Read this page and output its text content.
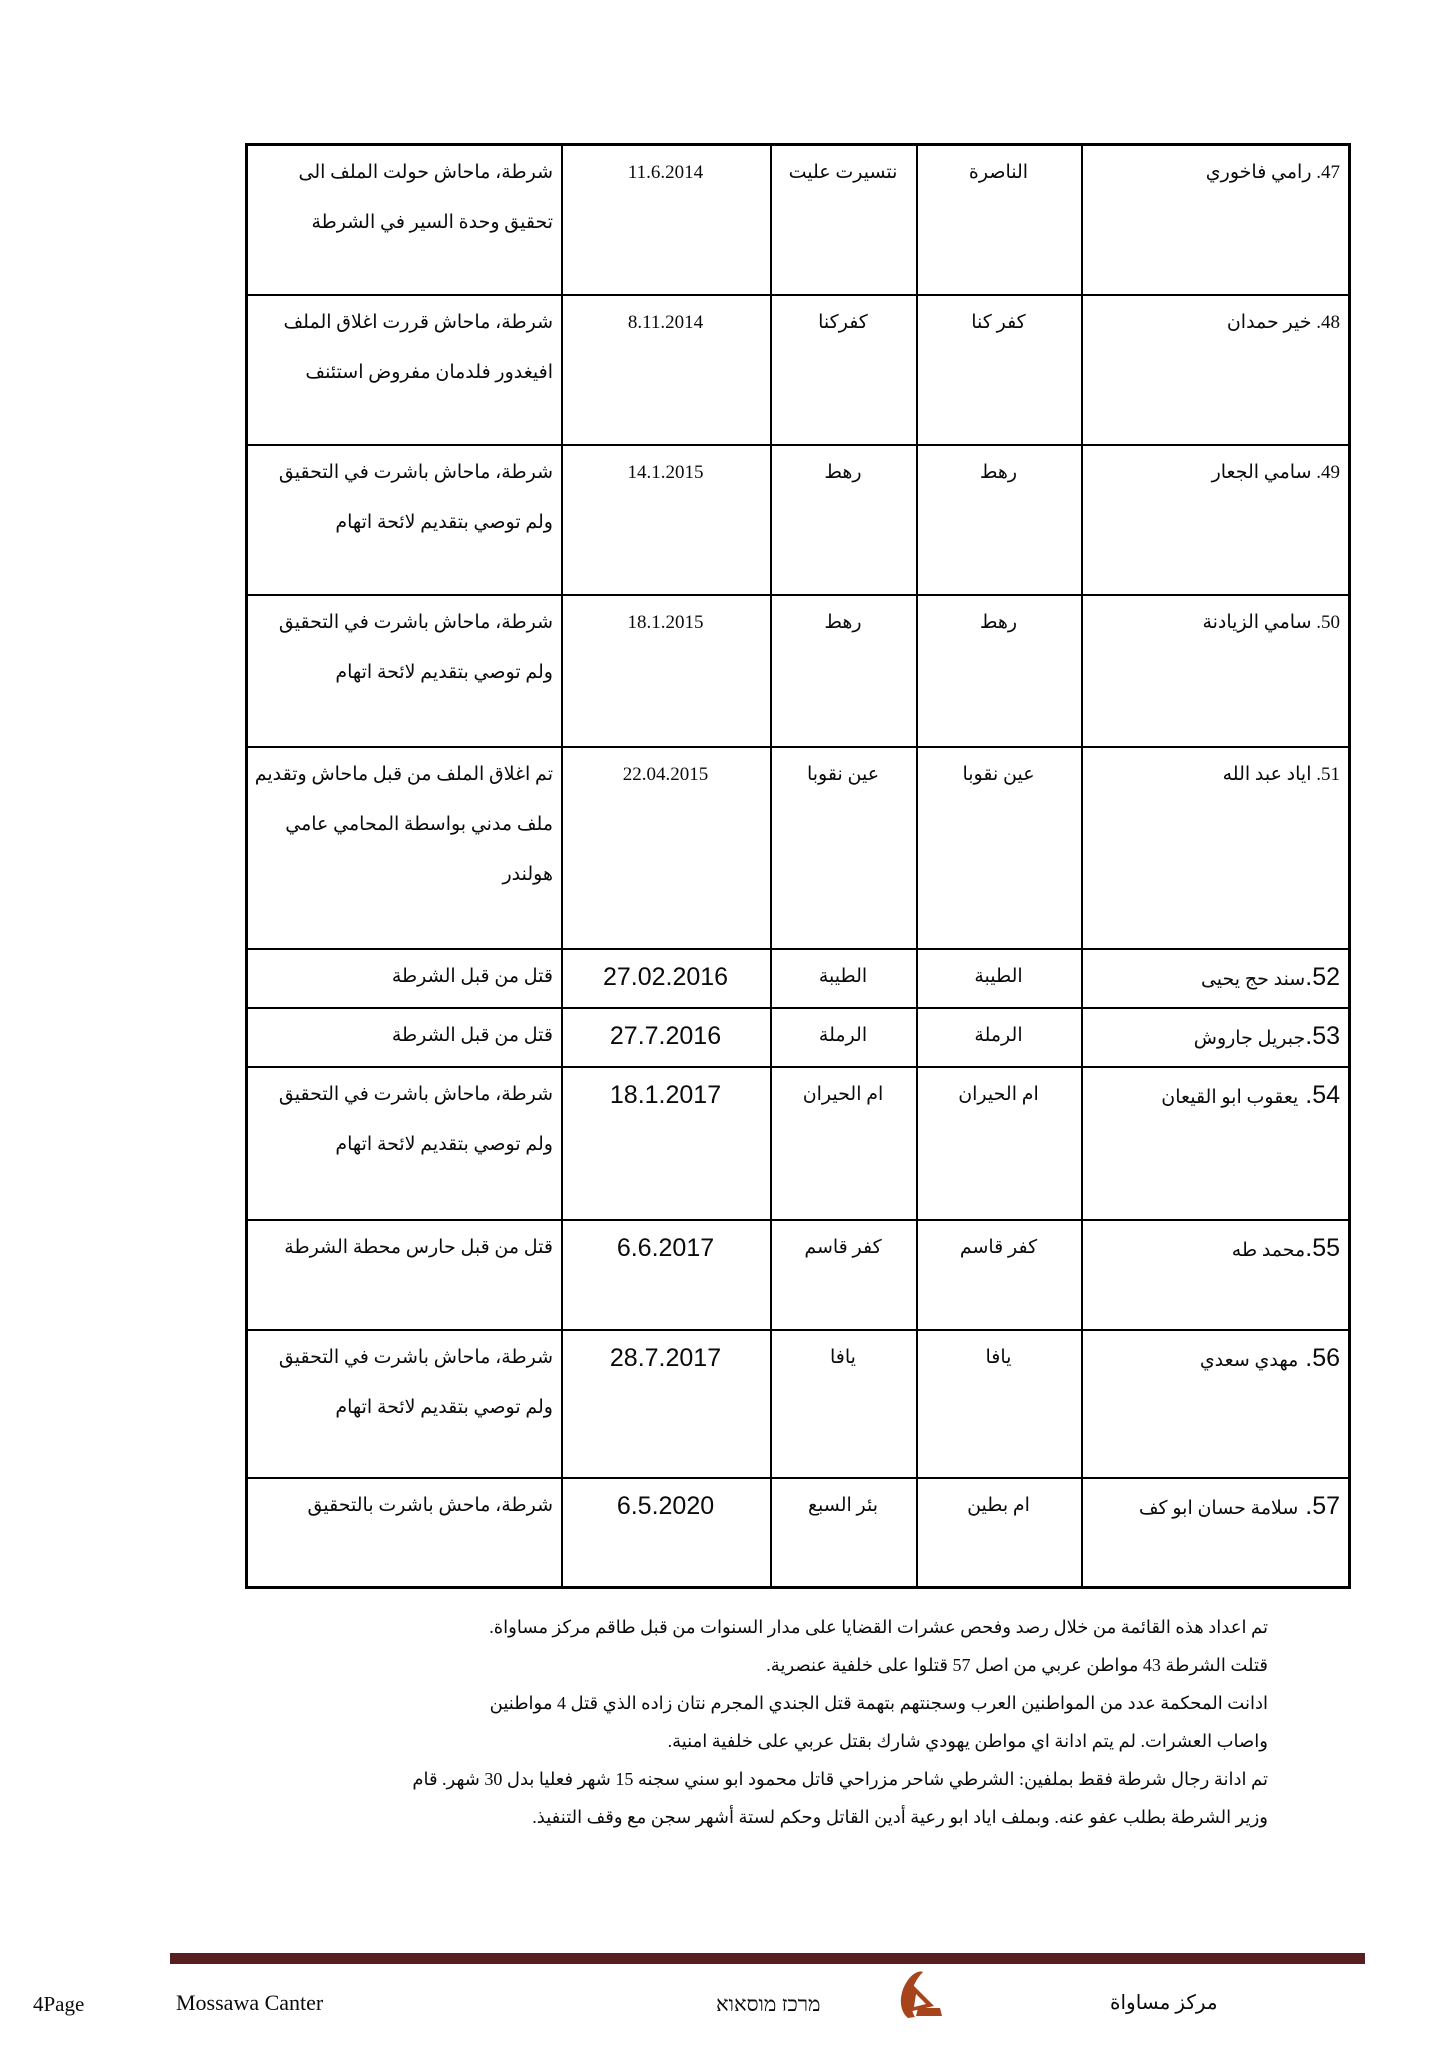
47. رامي فاخوري	الناصرة	نتسيرت عليت	11.6.2014	شرطة، ماحاش حولت الملف الى تحقيق وحدة السير في الشرطة
48. خير حمدان	كفر كنا	كفركنا	8.11.2014	شرطة، ماحاش قررت اغلاق الملف افيغدور فلدمان مفروض استئنف
49. سامي الجعار	رهط	رهط	14.1.2015	شرطة، ماحاش باشرت في التحقيق ولم توصي بتقديم لائحة اتهام
50. سامي الزيادنة	رهط	رهط	18.1.2015	شرطة، ماحاش باشرت في التحقيق ولم توصي بتقديم لائحة اتهام
51. اياد عبد الله	عين نقوبا	عين نقوبا	22.04.2015	تم اغلاق الملف من قبل ماحاش وتقديم ملف مدني بواسطة المحامي عامي هولندر
52.سند حج يحيى	الطيبة	الطيبة	27.02.2016	قتل من قبل الشرطة
53.جبريل جاروش	الرملة	الرملة	27.7.2016	قتل من قبل الشرطة
54. يعقوب ابو القيعان	ام الحيران	ام الحيران	18.1.2017	شرطة، ماحاش باشرت في التحقيق ولم توصي بتقديم لائحة اتهام
55.محمد طه	كفر قاسم	كفر قاسم	6.6.2017	قتل من قبل حارس محطة الشرطة
56. مهدي سعدي	يافا	يافا	28.7.2017	شرطة، ماحاش باشرت في التحقيق ولم توصي بتقديم لائحة اتهام
57. سلامة حسان ابو كف	ام بطين	بئر السبع	6.5.2020	شرطة، ماحش باشرت بالتحقيق
تم اعداد هذه القائمة من خلال رصد وفحص عشرات القضايا على مدار السنوات من قبل طاقم مركز مساواة.
قتلت الشرطة 43 مواطن عربي من اصل 57 قتلوا على خلفية عنصرية.
ادانت المحكمة عدد من المواطنين العرب وسجنتهم بتهمة قتل الجندي المجرم نتان زاده الذي قتل 4 مواطنين
واصاب العشرات. لم يتم ادانة اي مواطن يهودي شارك بقتل عربي على خلفية امنية.
تم ادانة رجال شرطة فقط بملفين: الشرطي شاحر مزراحي قاتل محمود ابو سني سجنه 15 شهر فعليا بدل 30 شهر. قام
وزير الشرطة بطلب عفو عنه. وبملف اياد ابو رعية أدين القاتل وحكم لستة أشهر سجن مع وقف التنفيذ.
4Page	Mossawa Canter	מרכז מוסאוא	مركز مساواة
